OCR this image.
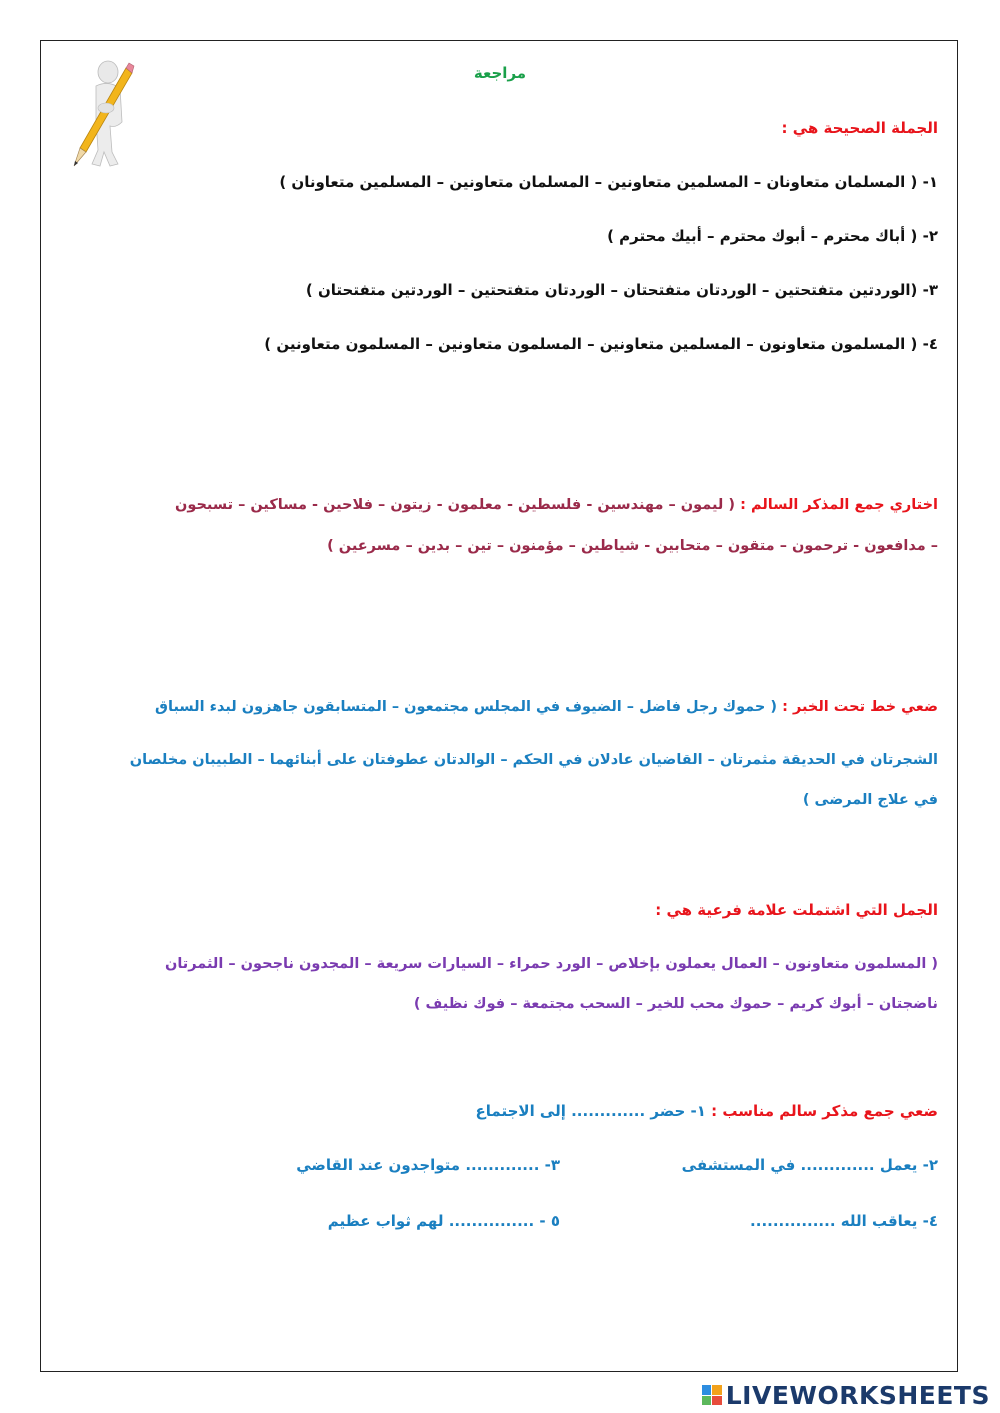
مراجعة
الجملة الصحيحة هي :
١- ( المسلمان متعاونان – المسلمين متعاونين – المسلمان متعاونين – المسلمين متعاونان )
٢- ( أباك محترم – أبوك محترم – أبيك محترم )
٣- (الوردتين متفتحتين – الوردتان متفتحتان – الوردتان متفتحتين – الوردتين متفتحتان )
٤- ( المسلمون متعاونون – المسلمين متعاونين – المسلمون متعاونين – المسلمون متعاونين )
اختاري جمع المذكر السالم : ( ليمون – مهندسين - فلسطين - معلمون - زيتون – فلاحين - مساكين – تسبحون
– مدافعون - ترحمون – متقون – متحابين - شياطين – مؤمنون – تين – بدين – مسرعين )
ضعي خط تحت الخبر : ( حموك رجل فاضل – الضيوف في المجلس مجتمعون – المتسابقون جاهزون لبدء السباق
الشجرتان في الحديقة مثمرتان – القاضيان عادلان في الحكم – الوالدتان عطوفتان على أبنائهما – الطبيبان مخلصان
في علاج المرضى )
الجمل التي اشتملت علامة فرعية هي :
( المسلمون متعاونون – العمال يعملون بإخلاص – الورد حمراء – السيارات سريعة – المجدون ناجحون – الثمرتان
ناضجتان – أبوك كريم – حموك محب للخير – السحب مجتمعة – فوك نظيف )
ضعي جمع مذكر سالم مناسب : ١- حضر ............. إلى الاجتماع
٢- يعمل ............. في المستشفى
٣- ............. متواجدون عند القاضي
٤- يعاقب الله ...............
٥ - ............... لهم ثواب عظيم
LIVEWORKSHEETS
